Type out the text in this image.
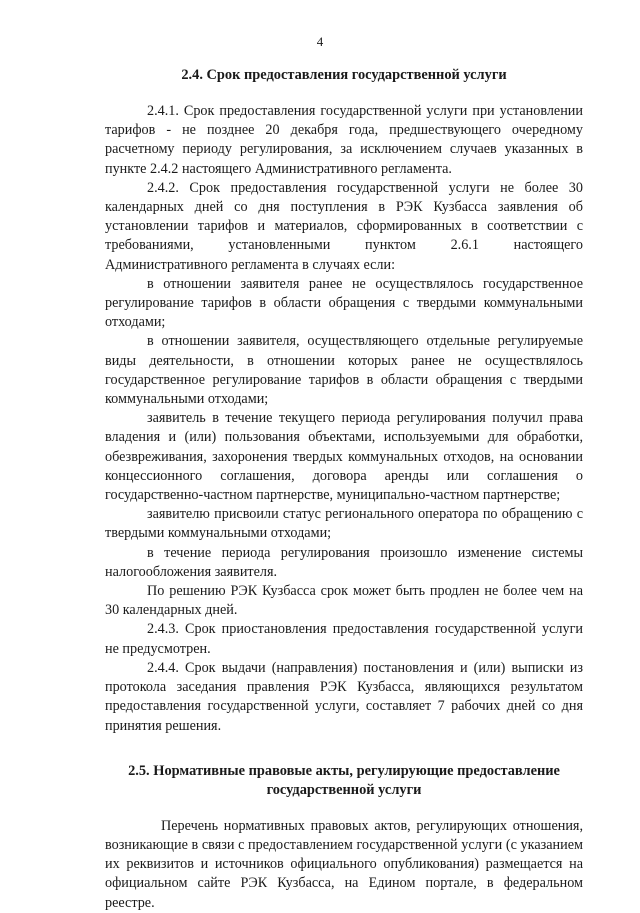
4
2.4. Срок предоставления государственной услуги

2.4.1. Срок предоставления государственной услуги при установлении тарифов - не позднее 20 декабря года, предшествующего очередному расчетному периоду регулирования, за исключением случаев указанных в пункте 2.4.2 настоящего Административного регламента.

2.4.2. Срок предоставления государственной услуги не более 30 календарных дней со дня поступления в РЭК Кузбасса заявления об установлении тарифов и материалов, сформированных в соответствии с требованиями, установленными пунктом 2.6.1 настоящего Административного регламента в случаях если:

в отношении заявителя ранее не осуществлялось государственное регулирование тарифов в области обращения с твердыми коммунальными отходами;

в отношении заявителя, осуществляющего отдельные регулируемые виды деятельности, в отношении которых ранее не осуществлялось государственное регулирование тарифов в области обращения с твердыми коммунальными отходами;

заявитель в течение текущего периода регулирования получил права владения и (или) пользования объектами, используемыми для обработки, обезвреживания, захоронения твердых коммунальных отходов, на основании концессионного соглашения, договора аренды или соглашения о государственно-частном партнерстве, муниципально-частном партнерстве;

заявителю присвоили статус регионального оператора по обращению с твердыми коммунальными отходами;

в течение периода регулирования произошло изменение системы налогообложения заявителя.

По решению РЭК Кузбасса срок может быть продлен не более чем на 30 календарных дней.

2.4.3. Срок приостановления предоставления государственной услуги не предусмотрен.

2.4.4. Срок выдачи (направления) постановления и (или) выписки из протокола заседания правления РЭК Кузбасса, являющихся результатом предоставления государственной услуги, составляет 7 рабочих дней со дня принятия решения.

2.5. Нормативные правовые акты, регулирующие предоставление
государственной услуги

Перечень нормативных правовых актов, регулирующих отношения, возникающие в связи с предоставлением государственной услуги (с указанием их реквизитов и источников официального опубликования) размещается на официальном сайте РЭК Кузбасса, на Едином портале, в федеральном реестре.
